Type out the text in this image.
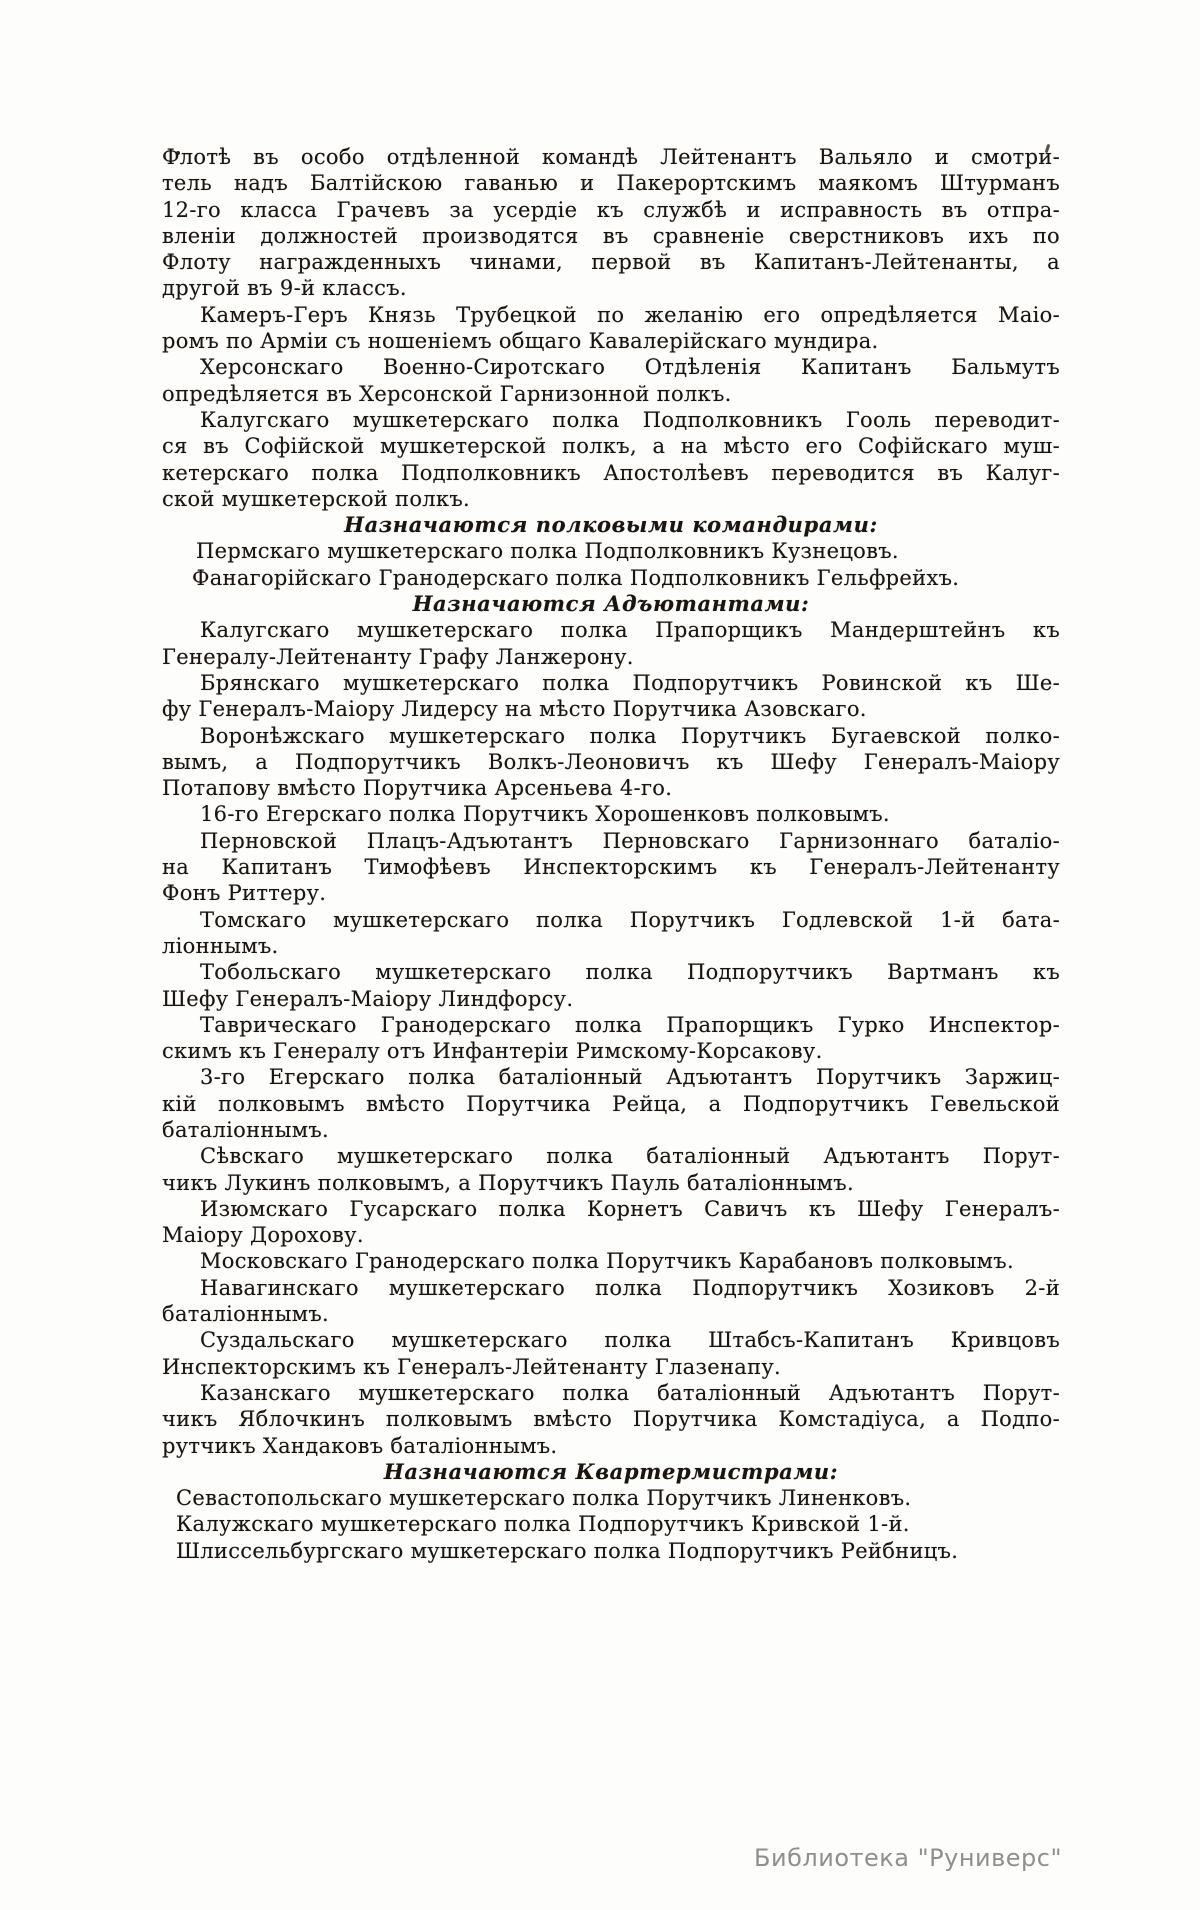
Флотѣ въ особо отдѣленной командѣ Лейтенантъ Вальяло и смотри-
тель надъ Балтійскою гаванью и Пакерортскимъ маякомъ Штурманъ
12-го класса Грачевъ за усердіе къ службѣ и исправность въ отпра-
вленіи должностей производятся въ сравненіе сверстниковъ ихъ по
Флоту награжденныхъ чинами, первой въ Капитанъ-Лейтенанты, а
другой въ 9-й классъ.
Камеръ-Геръ Князь Трубецкой по желанію его опредѣляется Маіо-
ромъ по Арміи съ ношеніемъ общаго Кавалерійскаго мундира.
Херсонскаго Военно-Сиротскаго Отдѣленія Капитанъ Бальмутъ
опредѣляется въ Херсонской Гарнизонной полкъ.
Калугскаго мушкетерскаго полка Подполковникъ Гооль переводит-
ся въ Софійской мушкетерской полкъ, а на мѣсто его Софійскаго муш-
кетерскаго полка Подполковникъ Апостолѣевъ переводится въ Калуг-
ской мушкетерской полкъ.
Назначаются полковыми командирами:
Пермскаго мушкетерскаго полка Подполковникъ Кузнецовъ.
Фанагорійскаго Гранодерскаго полка Подполковникъ Гельфрейхъ.
Назначаются Адъютантами:
Калугскаго мушкетерскаго полка Прапорщикъ Мандерштейнъ къ
Генералу-Лейтенанту Графу Ланжерону.
Брянскаго мушкетерскаго полка Подпорутчикъ Ровинской къ Ше-
фу Генералъ-Маіору Лидерсу на мѣсто Порутчика Азовскаго.
Воронѣжскаго мушкетерскаго полка Порутчикъ Бугаевской полко-
вымъ, а Подпорутчикъ Волкъ-Леоновичъ къ Шефу Генералъ-Маіору
Потапову вмѣсто Порутчика Арсеньева 4-го.
16-го Егерскаго полка Порутчикъ Хорошенковъ полковымъ.
Перновской Плацъ-Адъютантъ Перновскаго Гарнизоннаго баталіо-
на Капитанъ Тимофѣевъ Инспекторскимъ къ Генералъ-Лейтенанту
Фонъ Риттеру.
Томскаго мушкетерскаго полка Порутчикъ Годлевской 1-й бата-
ліоннымъ.
Тобольскаго мушкетерскаго полка Подпорутчикъ Вартманъ къ
Шефу Генералъ-Маіору Линдфорсу.
Таврическаго Гранодерскаго полка Прапорщикъ Гурко Инспектор-
скимъ къ Генералу отъ Инфантеріи Римскому-Корсакову.
3-го Егерскаго полка баталіонный Адъютантъ Порутчикъ Заржиц-
кій полковымъ вмѣсто Порутчика Рейца, а Подпорутчикъ Гевельской
баталіоннымъ.
Сѣвскаго мушкетерскаго полка баталіонный Адъютантъ Порут-
чикъ Лукинъ полковымъ, а Порутчикъ Пауль баталіоннымъ.
Изюмскаго Гусарскаго полка Корнетъ Савичъ къ Шефу Генералъ-
Маіору Дорохову.
Московскаго Гранодерскаго полка Порутчикъ Карабановъ полковымъ.
Навагинскаго мушкетерскаго полка Подпорутчикъ Хозиковъ 2-й
баталіоннымъ.
Суздальскаго мушкетерскаго полка Штабсъ-Капитанъ Кривцовъ
Инспекторскимъ къ Генералъ-Лейтенанту Глазенапу.
Казанскаго мушкетерскаго полка баталіонный Адъютантъ Порут-
чикъ Яблочкинъ полковымъ вмѣсто Порутчика Комстадіуса, а Подпо-
рутчикъ Хандаковъ баталіоннымъ.
Назначаются Квартермистрами:
Севастопольскаго мушкетерскаго полка Порутчикъ Линенковъ.
Калужскаго мушкетерскаго полка Подпорутчикъ Кривской 1-й.
Шлиссельбургскаго мушкетерскаго полка Подпорутчикъ Рейбницъ.
Библиотека "Руниверс"
